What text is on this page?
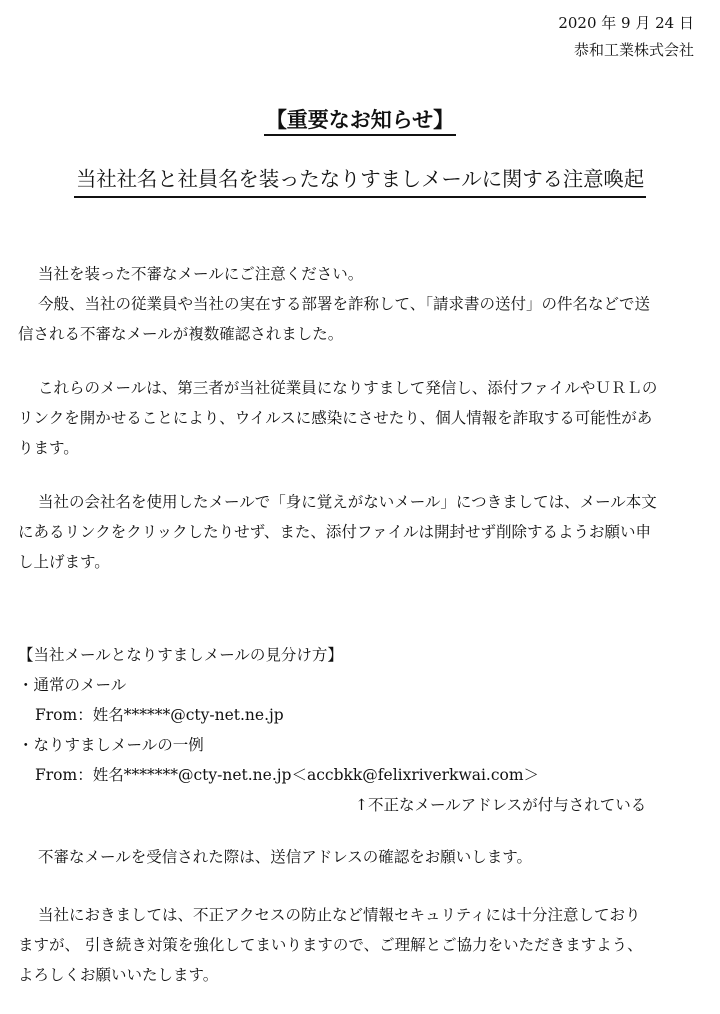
2020 年 9 月 24 日
恭和工業株式会社
【重要なお知らせ】
当社社名と社員名を装ったなりすましメールに関する注意喚起
当社を装った不審なメールにご注意ください。
今般、当社の従業員や当社の実在する部署を詐称して、「請求書の送付」の件名などで送
信される不審なメールが複数確認されました。
これらのメールは、第三者が当社従業員になりすまして発信し、添付ファイルやＵＲＬの
リンクを開かせることにより、ウイルスに感染にさせたり、個人情報を詐取する可能性があ
ります。
当社の会社名を使用したメールで「身に覚えがないメール」につきましては、メール本文
にあるリンクをクリックしたりせず、また、添付ファイルは開封せず削除するようお願い申
し上げます。
【当社メールとなりすましメールの見分け方】
・通常のメール
From：姓名******@cty-net.ne.jp
・なりすましメールの一例
From：姓名*******@cty-net.ne.jp＜accbkk@felixriverkwai.com＞
↑不正なメールアドレスが付与されている
不審なメールを受信された際は、送信アドレスの確認をお願いします。
当社におきましては、不正アクセスの防止など情報セキュリティには十分注意しており
ますが、 引き続き対策を強化してまいりますので、ご理解とご協力をいただきますよう、
よろしくお願いいたします。
